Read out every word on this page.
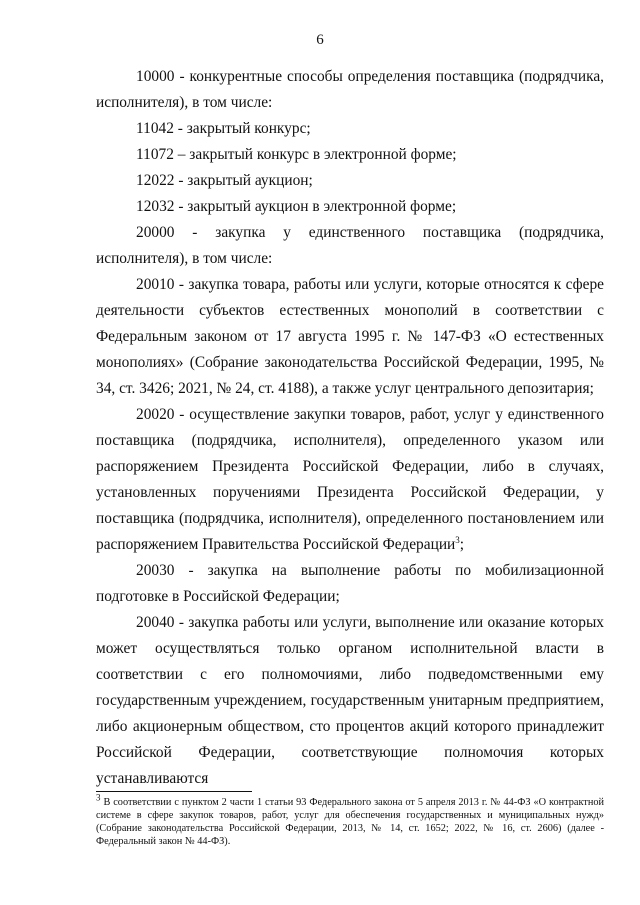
6

10000 - конкурентные способы определения поставщика (подрядчика, исполнителя), в том числе:

11042 - закрытый конкурс;

11072 – закрытый конкурс в электронной форме;

12022 - закрытый аукцион;

12032 - закрытый аукцион в электронной форме;

20000 - закупка у единственного поставщика (подрядчика, исполнителя), в том числе:

20010 - закупка товара, работы или услуги, которые относятся к сфере деятельности субъектов естественных монополий в соответствии с Федеральным законом от 17 августа 1995 г. № 147-ФЗ «О естественных монополиях» (Собрание законодательства Российской Федерации, 1995, № 34, ст. 3426; 2021, № 24, ст. 4188), а также услуг центрального депозитария;

20020 - осуществление закупки товаров, работ, услуг у единственного поставщика (подрядчика, исполнителя), определенного указом или распоряжением Президента Российской Федерации, либо в случаях, установленных поручениями Президента Российской Федерации, у поставщика (подрядчика, исполнителя), определенного постановлением или распоряжением Правительства Российской Федерации$^3$;

20030 - закупка на выполнение работы по мобилизационной подготовке в Российской Федерации;

20040 - закупка работы или услуги, выполнение или оказание которых может осуществляться только органом исполнительной власти в соответствии с его полномочиями, либо подведомственными ему государственным учреждением, государственным унитарным предприятием, либо акционерным обществом, сто процентов акций которого принадлежит Российской Федерации, соответствующие полномочия которых устанавливаются

$^3$ В соответствии с пунктом 2 части 1 статьи 93 Федерального закона от 5 апреля 2013 г. № 44-ФЗ «О контрактной системе в сфере закупок товаров, работ, услуг для обеспечения государственных и муниципальных нужд» (Собрание законодательства Российской Федерации, 2013, № 14, ст. 1652; 2022, № 16, ст. 2606) (далее - Федеральный закон № 44-ФЗ).
